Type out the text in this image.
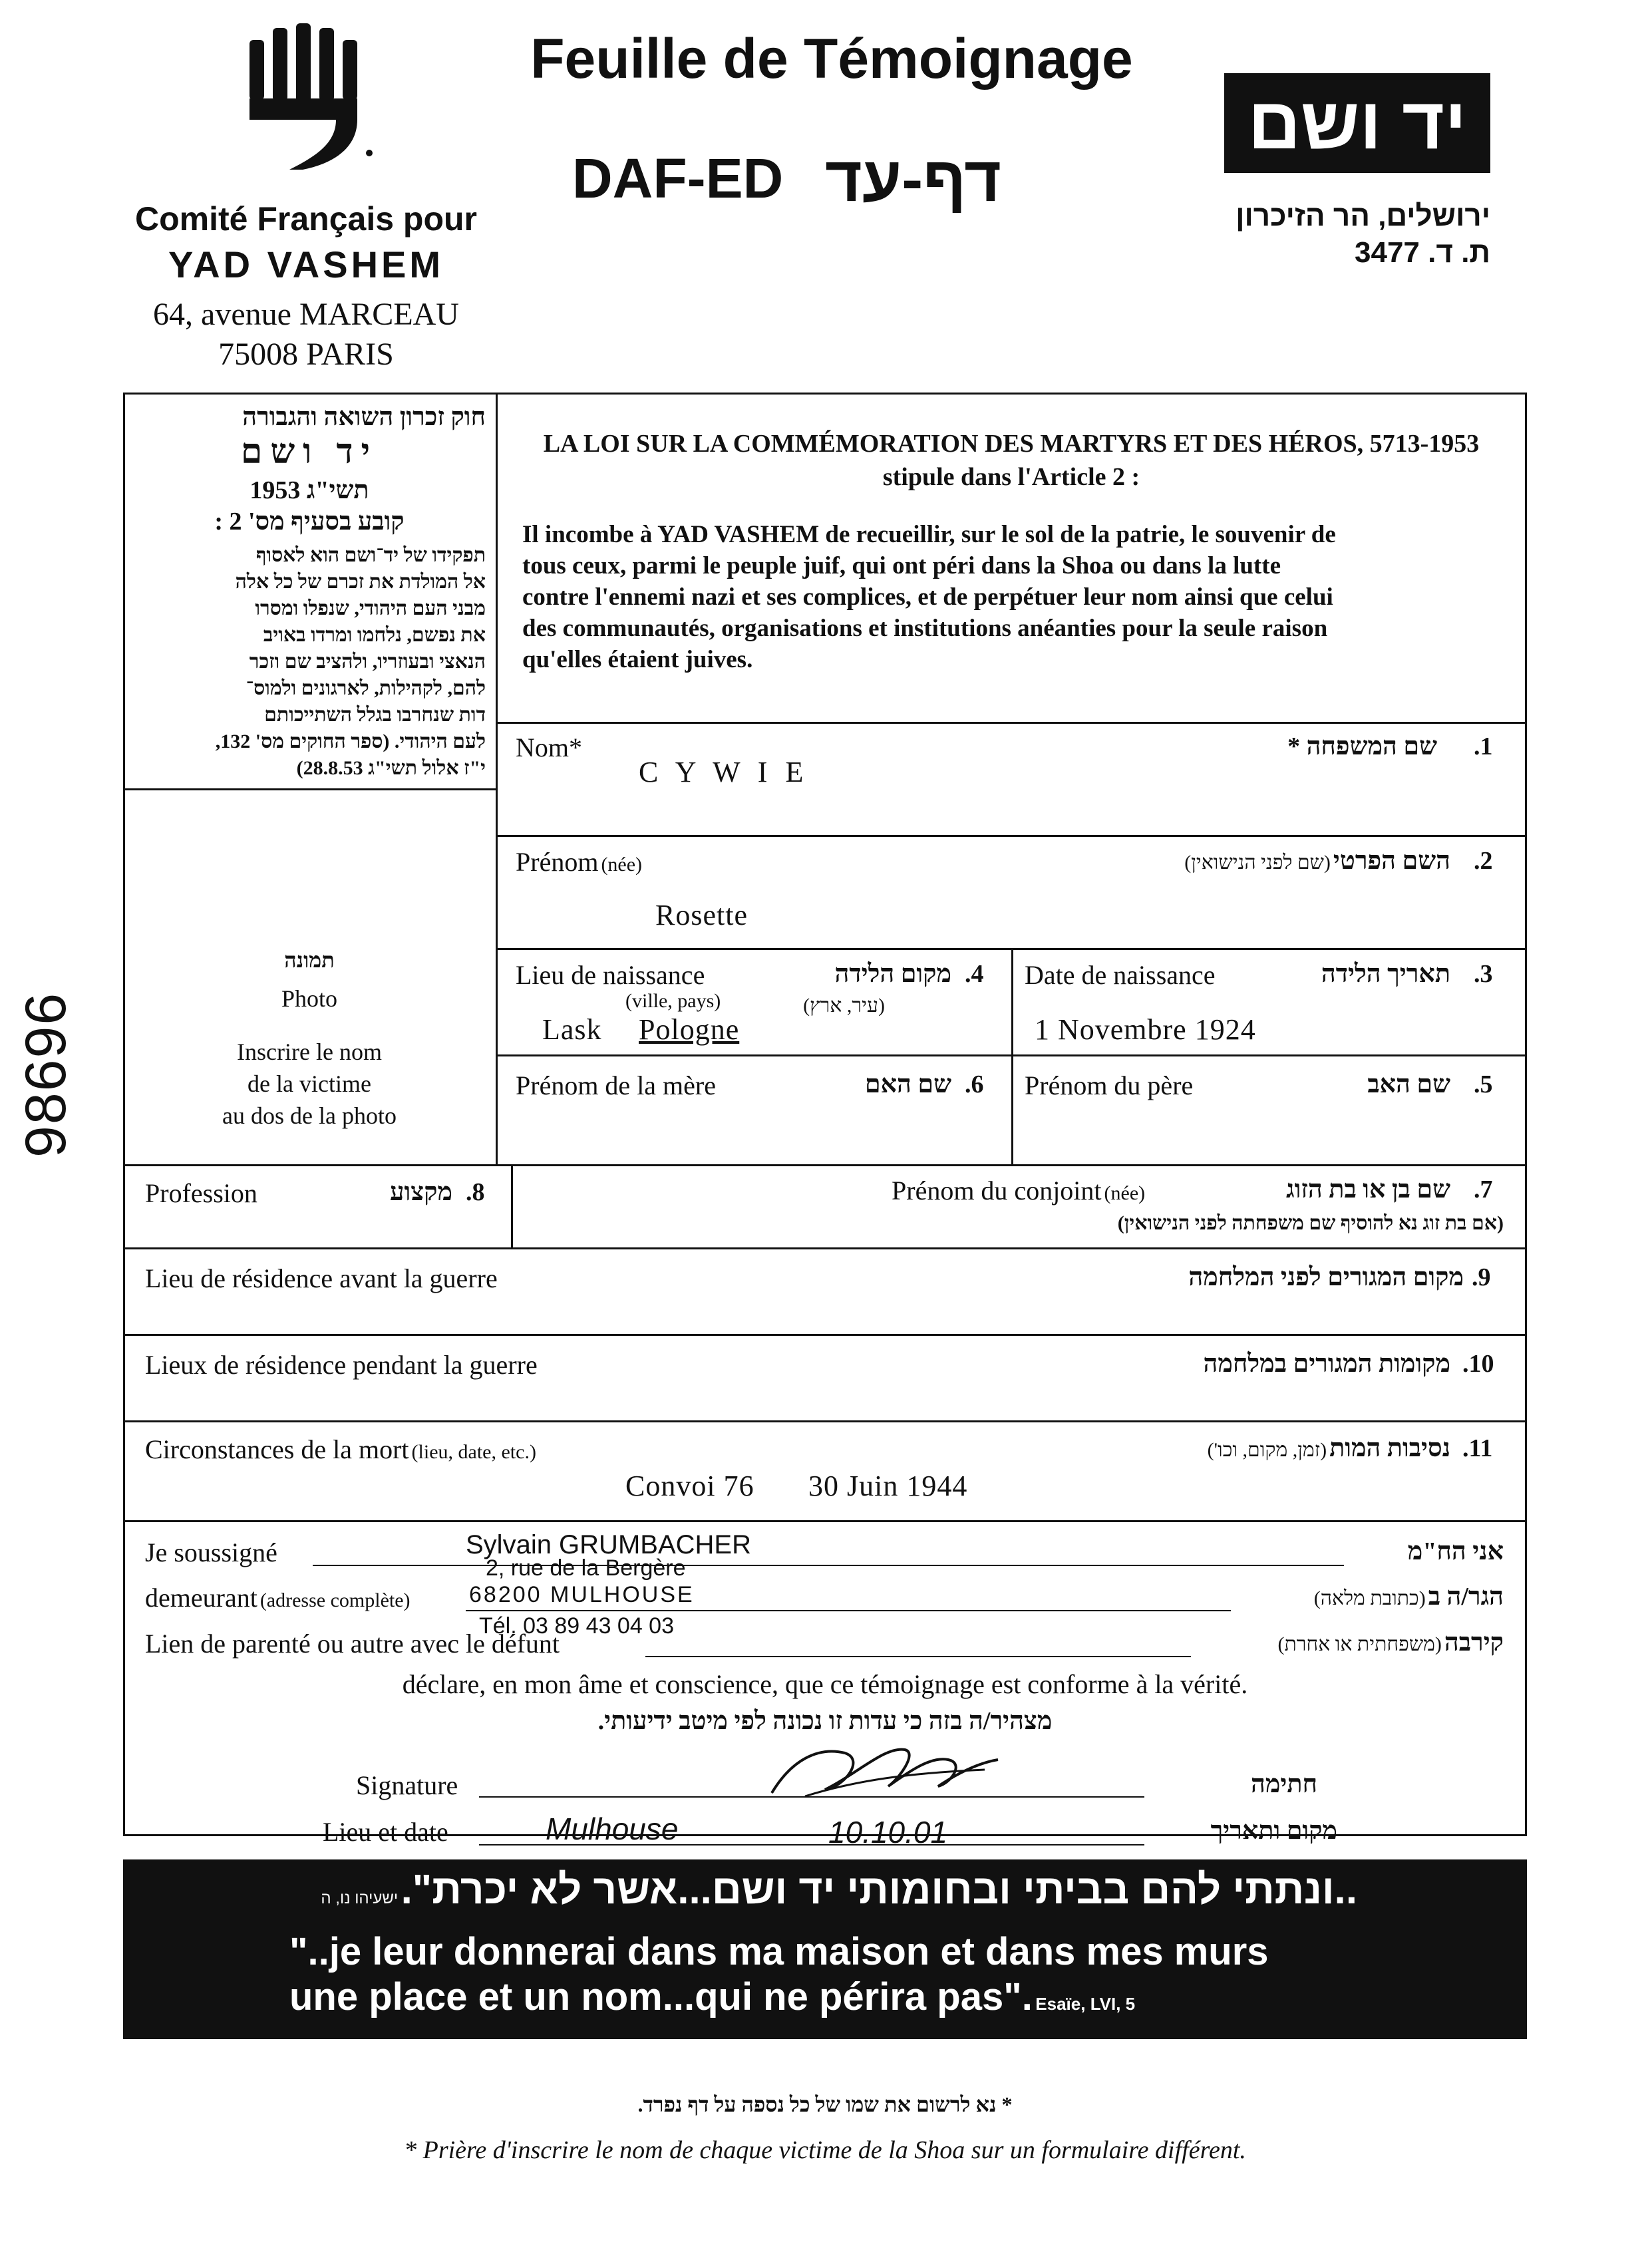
Comité Français pour
YAD VASHEM
64, avenue MARCEAU
75008 PARIS
Feuille de Témoignage
DAF-ED דף-עד
יד ושם
ירושלים, הר הזיכרון
ת. ד. 3477
חוק זכרון השואה והגבורה
יד ושם
תשי"ג 1953
קובע בסעיף מס' 2 :
תפקידו של יד־ושם הוא לאסוף
אל המולדת את זכרם של כל אלה
מבני העם היהודי, שנפלו ומסרו
את נפשם, נלחמו ומרדו באויב
הנאצי ובעוזריו, ולהציב שם וזכר
להם, לקהילות, לארגונים ולמוס־
דות שנחרבו בגלל השתייכותם
לעם היהודי. (ספר החוקים מס' 132,
י"ז אלול תשי"ג 28.8.53)
LA LOI SUR LA COMMÉMORATION DES MARTYRS ET DES HÉROS, 5713-1953
stipule dans l'Article 2 :
Il incombe à YAD VASHEM de recueillir, sur le sol de la patrie, le souvenir de
tous ceux, parmi le peuple juif, qui ont péri dans la Shoa ou dans la lutte
contre l'ennemi nazi et ses complices, et de perpétuer leur nom ainsi que celui
des communautés, organisations et institutions anéanties pour la seule raison
qu'elles étaient juives.
תמונה
Photo
Inscrire le nom
de la victime
au dos de la photo
98696
Nom*	שם המשפחה * .1
C Y W I E
Prénom (née)	השם הפרטי (שם לפני הנישואין)	.2
Rosette
Lieu de naissance
(ville, pays)
מקום הלידה
(עיר, ארץ)
.4
Lask Pologne
Date de naissance	תאריך הלידה .3
1 Novembre 1924
Prénom de la mère	שם האם .6 Prénom du père	שם האב .5
Profession	מקצוע .8	Prénom du conjoint (née)	שם בן או בת הזוג .7
(אם בת זוג נא להוסיף שם משפחתה לפני הנישואין)
Lieu de résidence avant la guerre	מקום המגורים לפני המלחמה .9
Lieux de résidence pendant la guerre	מקומות המגורים במלחמה .10
Circonstances de la mort (lieu, date, etc.)	נסיבות המות (זמן, מקום, וכו')	.11
Convoi 76 30 Juin 1944
Je soussigné	Sylvain GRUMBACHER	אני הח"מ
demeurant (adresse complète)
2, rue de la Bergère
68200 MULHOUSE	הגר/ה ב (כתובת מלאה)
Lien de parenté ou autre avec le défunt
Tél. 03 89 43 04 03
קירבה (משפחתית או אחרת)
déclare, en mon âme et conscience, que ce témoignage est conforme à la vérité.
מצהיר/ה בזה כי עדות זו נכונה לפי מיטב ידיעותי.
Signature	חתימה
Lieu et date	Mulhouse	10.10.01	מקום ותאריך
..ונתתי להם בביתי ובחומותי יד ושם...אשר לא יכרת". ישעיהו נו, ה
"..je leur donnerai dans ma maison et dans mes murs
une place et un nom...qui ne périra pas". Esaïe, LVI, 5
* נא לרשום את שמו של כל נספה על דף נפרד.
* Prière d'inscrire le nom de chaque victime de la Shoa sur un formulaire différent.
